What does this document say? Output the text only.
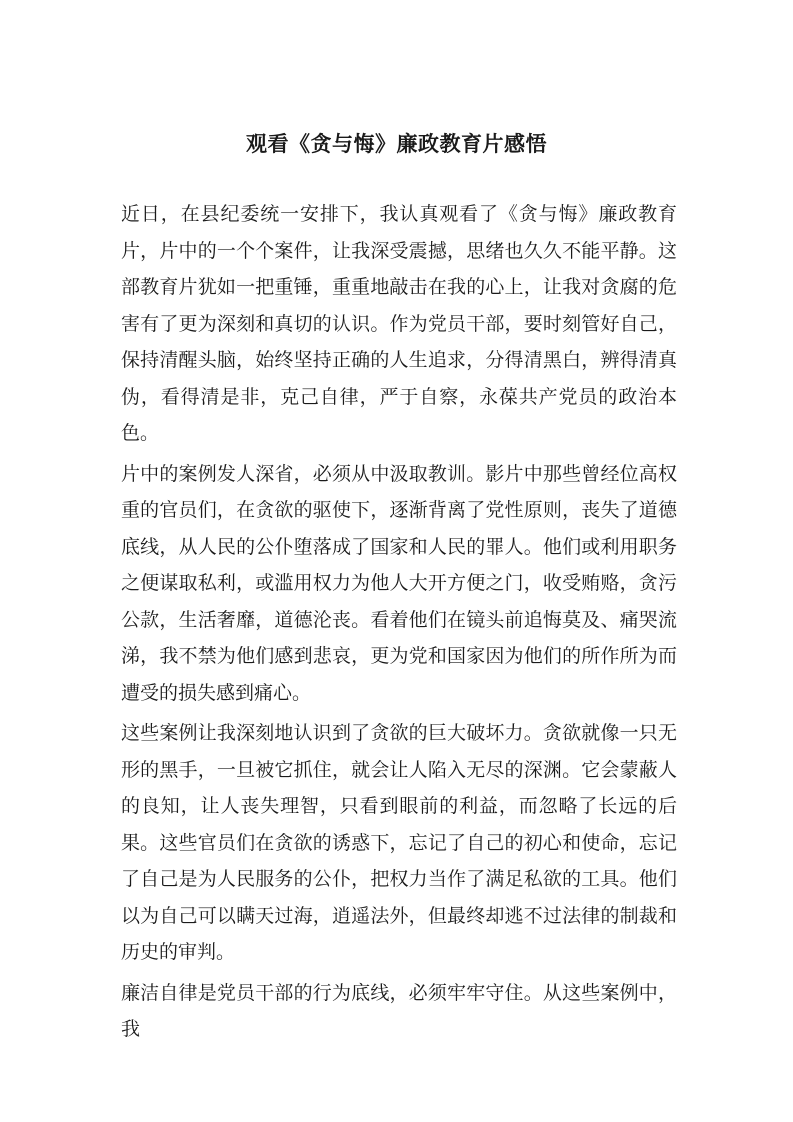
观看《贪与悔》廉政教育片感悟

近日，在县纪委统一安排下，我认真观看了《贪与悔》廉政教育片，片中的一个个案件，让我深受震撼，思绪也久久不能平静。这部教育片犹如一把重锤，重重地敲击在我的心上，让我对贪腐的危害有了更为深刻和真切的认识。作为党员干部，要时刻管好自己，保持清醒头脑，始终坚持正确的人生追求，分得清黑白，辨得清真伪，看得清是非，克己自律，严于自察，永葆共产党员的政治本色。

片中的案例发人深省，必须从中汲取教训。影片中那些曾经位高权重的官员们，在贪欲的驱使下，逐渐背离了党性原则，丧失了道德底线，从人民的公仆堕落成了国家和人民的罪人。他们或利用职务之便谋取私利，或滥用权力为他人大开方便之门，收受贿赂，贪污公款，生活奢靡，道德沦丧。看着他们在镜头前追悔莫及、痛哭流涕，我不禁为他们感到悲哀，更为党和国家因为他们的所作所为而遭受的损失感到痛心。

这些案例让我深刻地认识到了贪欲的巨大破坏力。贪欲就像一只无形的黑手，一旦被它抓住，就会让人陷入无尽的深渊。它会蒙蔽人的良知，让人丧失理智，只看到眼前的利益，而忽略了长远的后果。这些官员们在贪欲的诱惑下，忘记了自己的初心和使命，忘记了自己是为人民服务的公仆，把权力当作了满足私欲的工具。他们以为自己可以瞒天过海，逍遥法外，但最终却逃不过法律的制裁和历史的审判。

廉洁自律是党员干部的行为底线，必须牢牢守住。从这些案例中，我
